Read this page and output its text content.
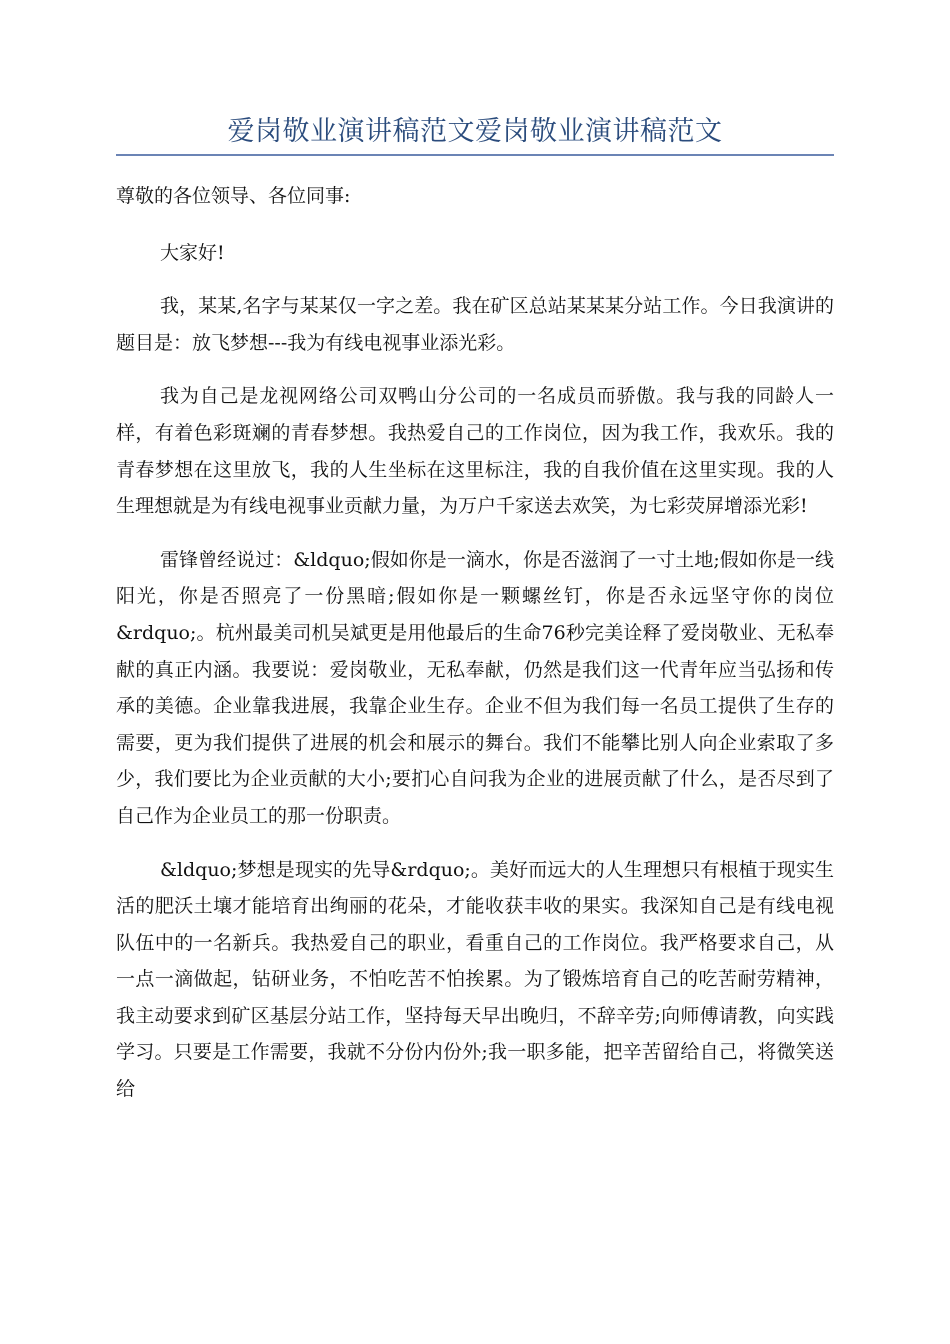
爱岗敬业演讲稿范文爱岗敬业演讲稿范文

尊敬的各位领导、各位同事:

大家好!

我，某某,名字与某某仅一字之差。我在矿区总站某某某分站工作。今日我演讲的题目是：放飞梦想---我为有线电视事业添光彩。

我为自己是龙视网络公司双鸭山分公司的一名成员而骄傲。我与我的同龄人一样，有着色彩斑斓的青春梦想。我热爱自己的工作岗位，因为我工作，我欢乐。我的青春梦想在这里放飞，我的人生坐标在这里标注，我的自我价值在这里实现。我的人生理想就是为有线电视事业贡献力量，为万户千家送去欢笑，为七彩荧屏增添光彩!

雷锋曾经说过：&ldquo;假如你是一滴水，你是否滋润了一寸土地;假如你是一线阳光，你是否照亮了一份黑暗;假如你是一颗螺丝钉，你是否永远坚守你的岗位&rdquo;。杭州最美司机吴斌更是用他最后的生命76秒完美诠释了爱岗敬业、无私奉献的真正内涵。我要说：爱岗敬业，无私奉献，仍然是我们这一代青年应当弘扬和传承的美德。企业靠我进展，我靠企业生存。企业不但为我们每一名员工提供了生存的需要，更为我们提供了进展的机会和展示的舞台。我们不能攀比别人向企业索取了多少，我们要比为企业贡献的大小;要扪心自问我为企业的进展贡献了什么，是否尽到了自己作为企业员工的那一份职责。

&ldquo;梦想是现实的先导&rdquo;。美好而远大的人生理想只有根植于现实生活的肥沃土壤才能培育出绚丽的花朵，才能收获丰收的果实。我深知自己是有线电视队伍中的一名新兵。我热爱自己的职业，看重自己的工作岗位。我严格要求自己，从一点一滴做起，钻研业务，不怕吃苦不怕挨累。为了锻炼培育自己的吃苦耐劳精神，我主动要求到矿区基层分站工作，坚持每天早出晚归，不辞辛劳;向师傅请教，向实践学习。只要是工作需要，我就不分份内份外;我一职多能，把辛苦留给自己，将微笑送给
